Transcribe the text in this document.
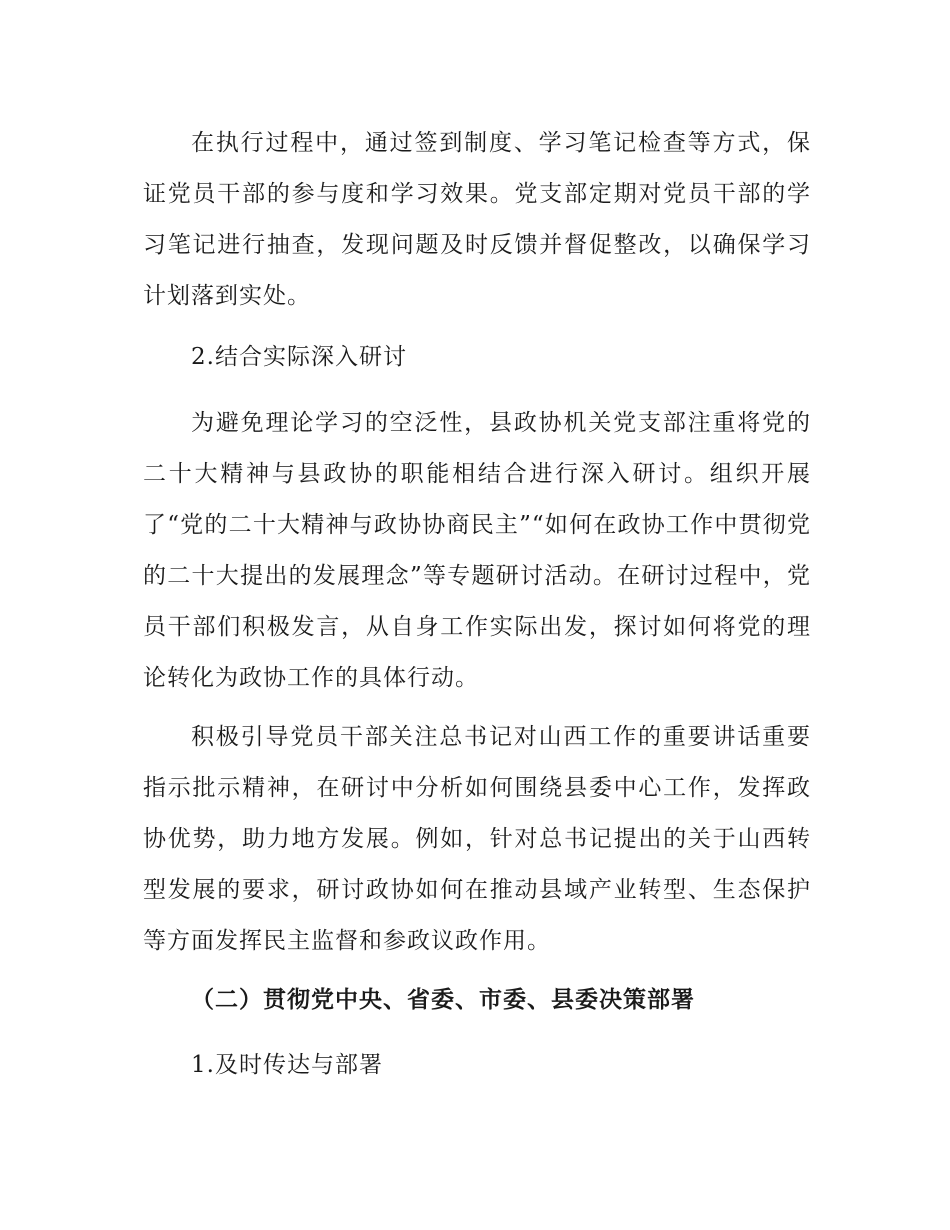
在执行过程中，通过签到制度、学习笔记检查等方式，保证党员干部的参与度和学习效果。党支部定期对党员干部的学习笔记进行抽查，发现问题及时反馈并督促整改，以确保学习计划落到实处。

2.结合实际深入研讨

为避免理论学习的空泛性，县政协机关党支部注重将党的二十大精神与县政协的职能相结合进行深入研讨。组织开展了“党的二十大精神与政协协商民主”“如何在政协工作中贯彻党的二十大提出的发展理念”等专题研讨活动。在研讨过程中，党员干部们积极发言，从自身工作实际出发，探讨如何将党的理论转化为政协工作的具体行动。

积极引导党员干部关注总书记对山西工作的重要讲话重要指示批示精神，在研讨中分析如何围绕县委中心工作，发挥政协优势，助力地方发展。例如，针对总书记提出的关于山西转型发展的要求，研讨政协如何在推动县域产业转型、生态保护等方面发挥民主监督和参政议政作用。

（二）贯彻党中央、省委、市委、县委决策部署

1.及时传达与部署
